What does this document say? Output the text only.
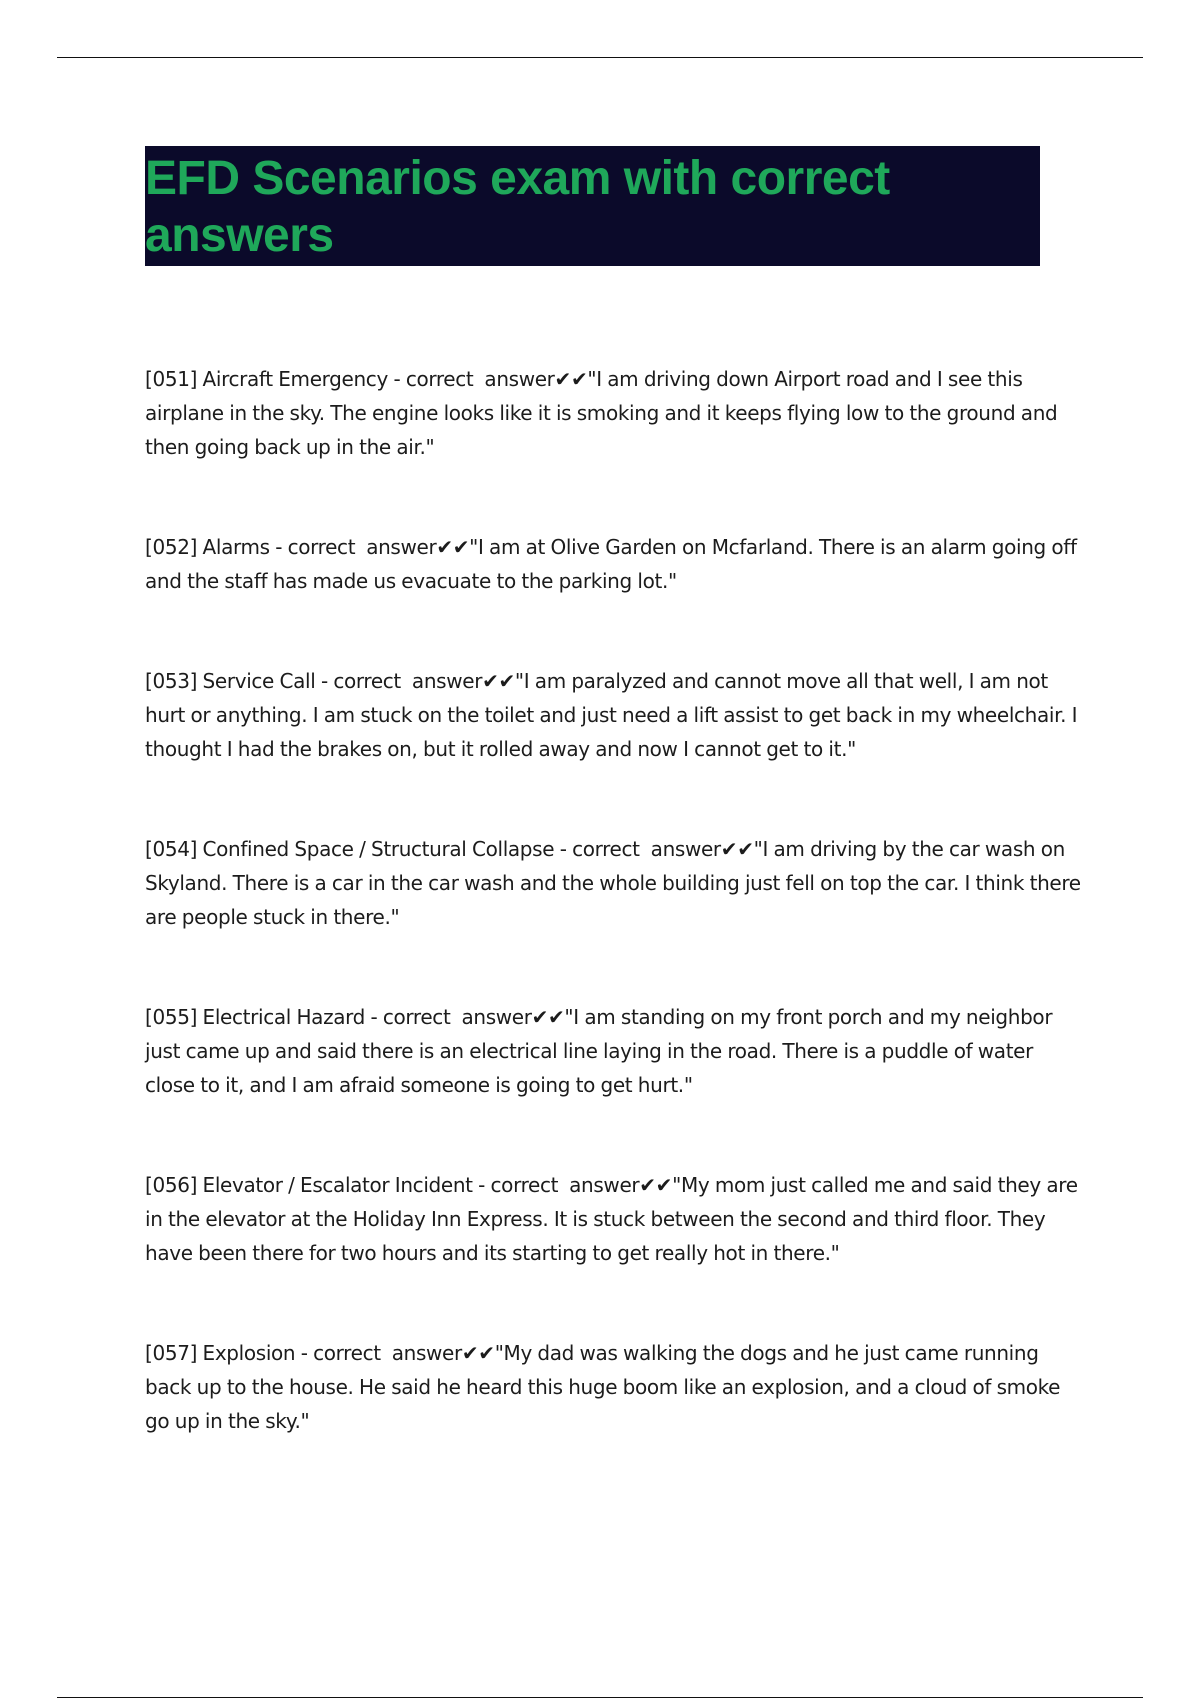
EFD Scenarios exam with correct answers

[051] Aircraft Emergency - correct  answer✔✔"I am driving down Airport road and I see this airplane in the sky. The engine looks like it is smoking and it keeps flying low to the ground and then going back up in the air."

[052] Alarms - correct  answer✔✔"I am at Olive Garden on Mcfarland. There is an alarm going off and the staff has made us evacuate to the parking lot."

[053] Service Call - correct  answer✔✔"I am paralyzed and cannot move all that well, I am not hurt or anything. I am stuck on the toilet and just need a lift assist to get back in my wheelchair. I thought I had the brakes on, but it rolled away and now I cannot get to it."

[054] Confined Space / Structural Collapse - correct  answer✔✔"I am driving by the car wash on Skyland. There is a car in the car wash and the whole building just fell on top the car. I think there are people stuck in there."

[055] Electrical Hazard - correct  answer✔✔"I am standing on my front porch and my neighbor just came up and said there is an electrical line laying in the road. There is a puddle of water close to it, and I am afraid someone is going to get hurt."

[056] Elevator / Escalator Incident - correct  answer✔✔"My mom just called me and said they are in the elevator at the Holiday Inn Express. It is stuck between the second and third floor. They have been there for two hours and its starting to get really hot in there."

[057] Explosion - correct  answer✔✔"My dad was walking the dogs and he just came running back up to the house. He said he heard this huge boom like an explosion, and a cloud of smoke go up in the sky."
